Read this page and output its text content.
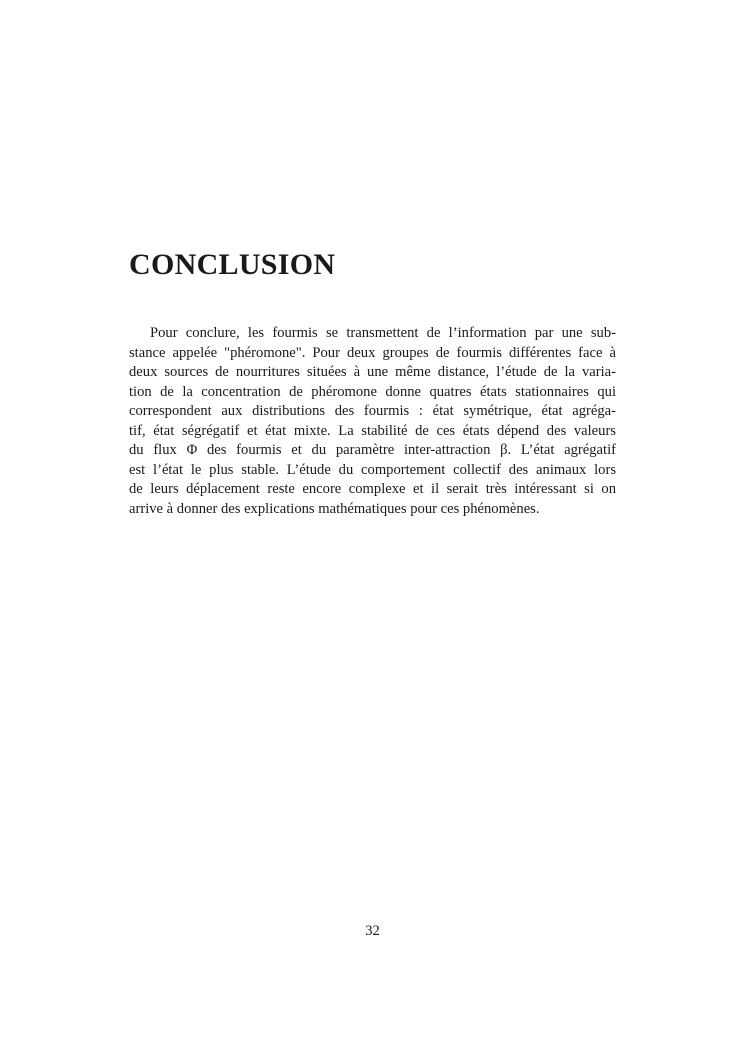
CONCLUSION
Pour conclure, les fourmis se transmettent de l’information par une sub-
stance appelée "phéromone". Pour deux groupes de fourmis différentes face à
deux sources de nourritures situées à une même distance, l’étude de la varia-
tion de la concentration de phéromone donne quatres états stationnaires qui
correspondent aux distributions des fourmis : état symétrique, état agréga-
tif, état ségrégatif et état mixte. La stabilité de ces états dépend des valeurs
du flux Φ des fourmis et du paramètre inter-attraction β. L’état agrégatif
est l’état le plus stable. L’étude du comportement collectif des animaux lors
de leurs déplacement reste encore complexe et il serait très intéressant si on
arrive à donner des explications mathématiques pour ces phénomènes.
32
